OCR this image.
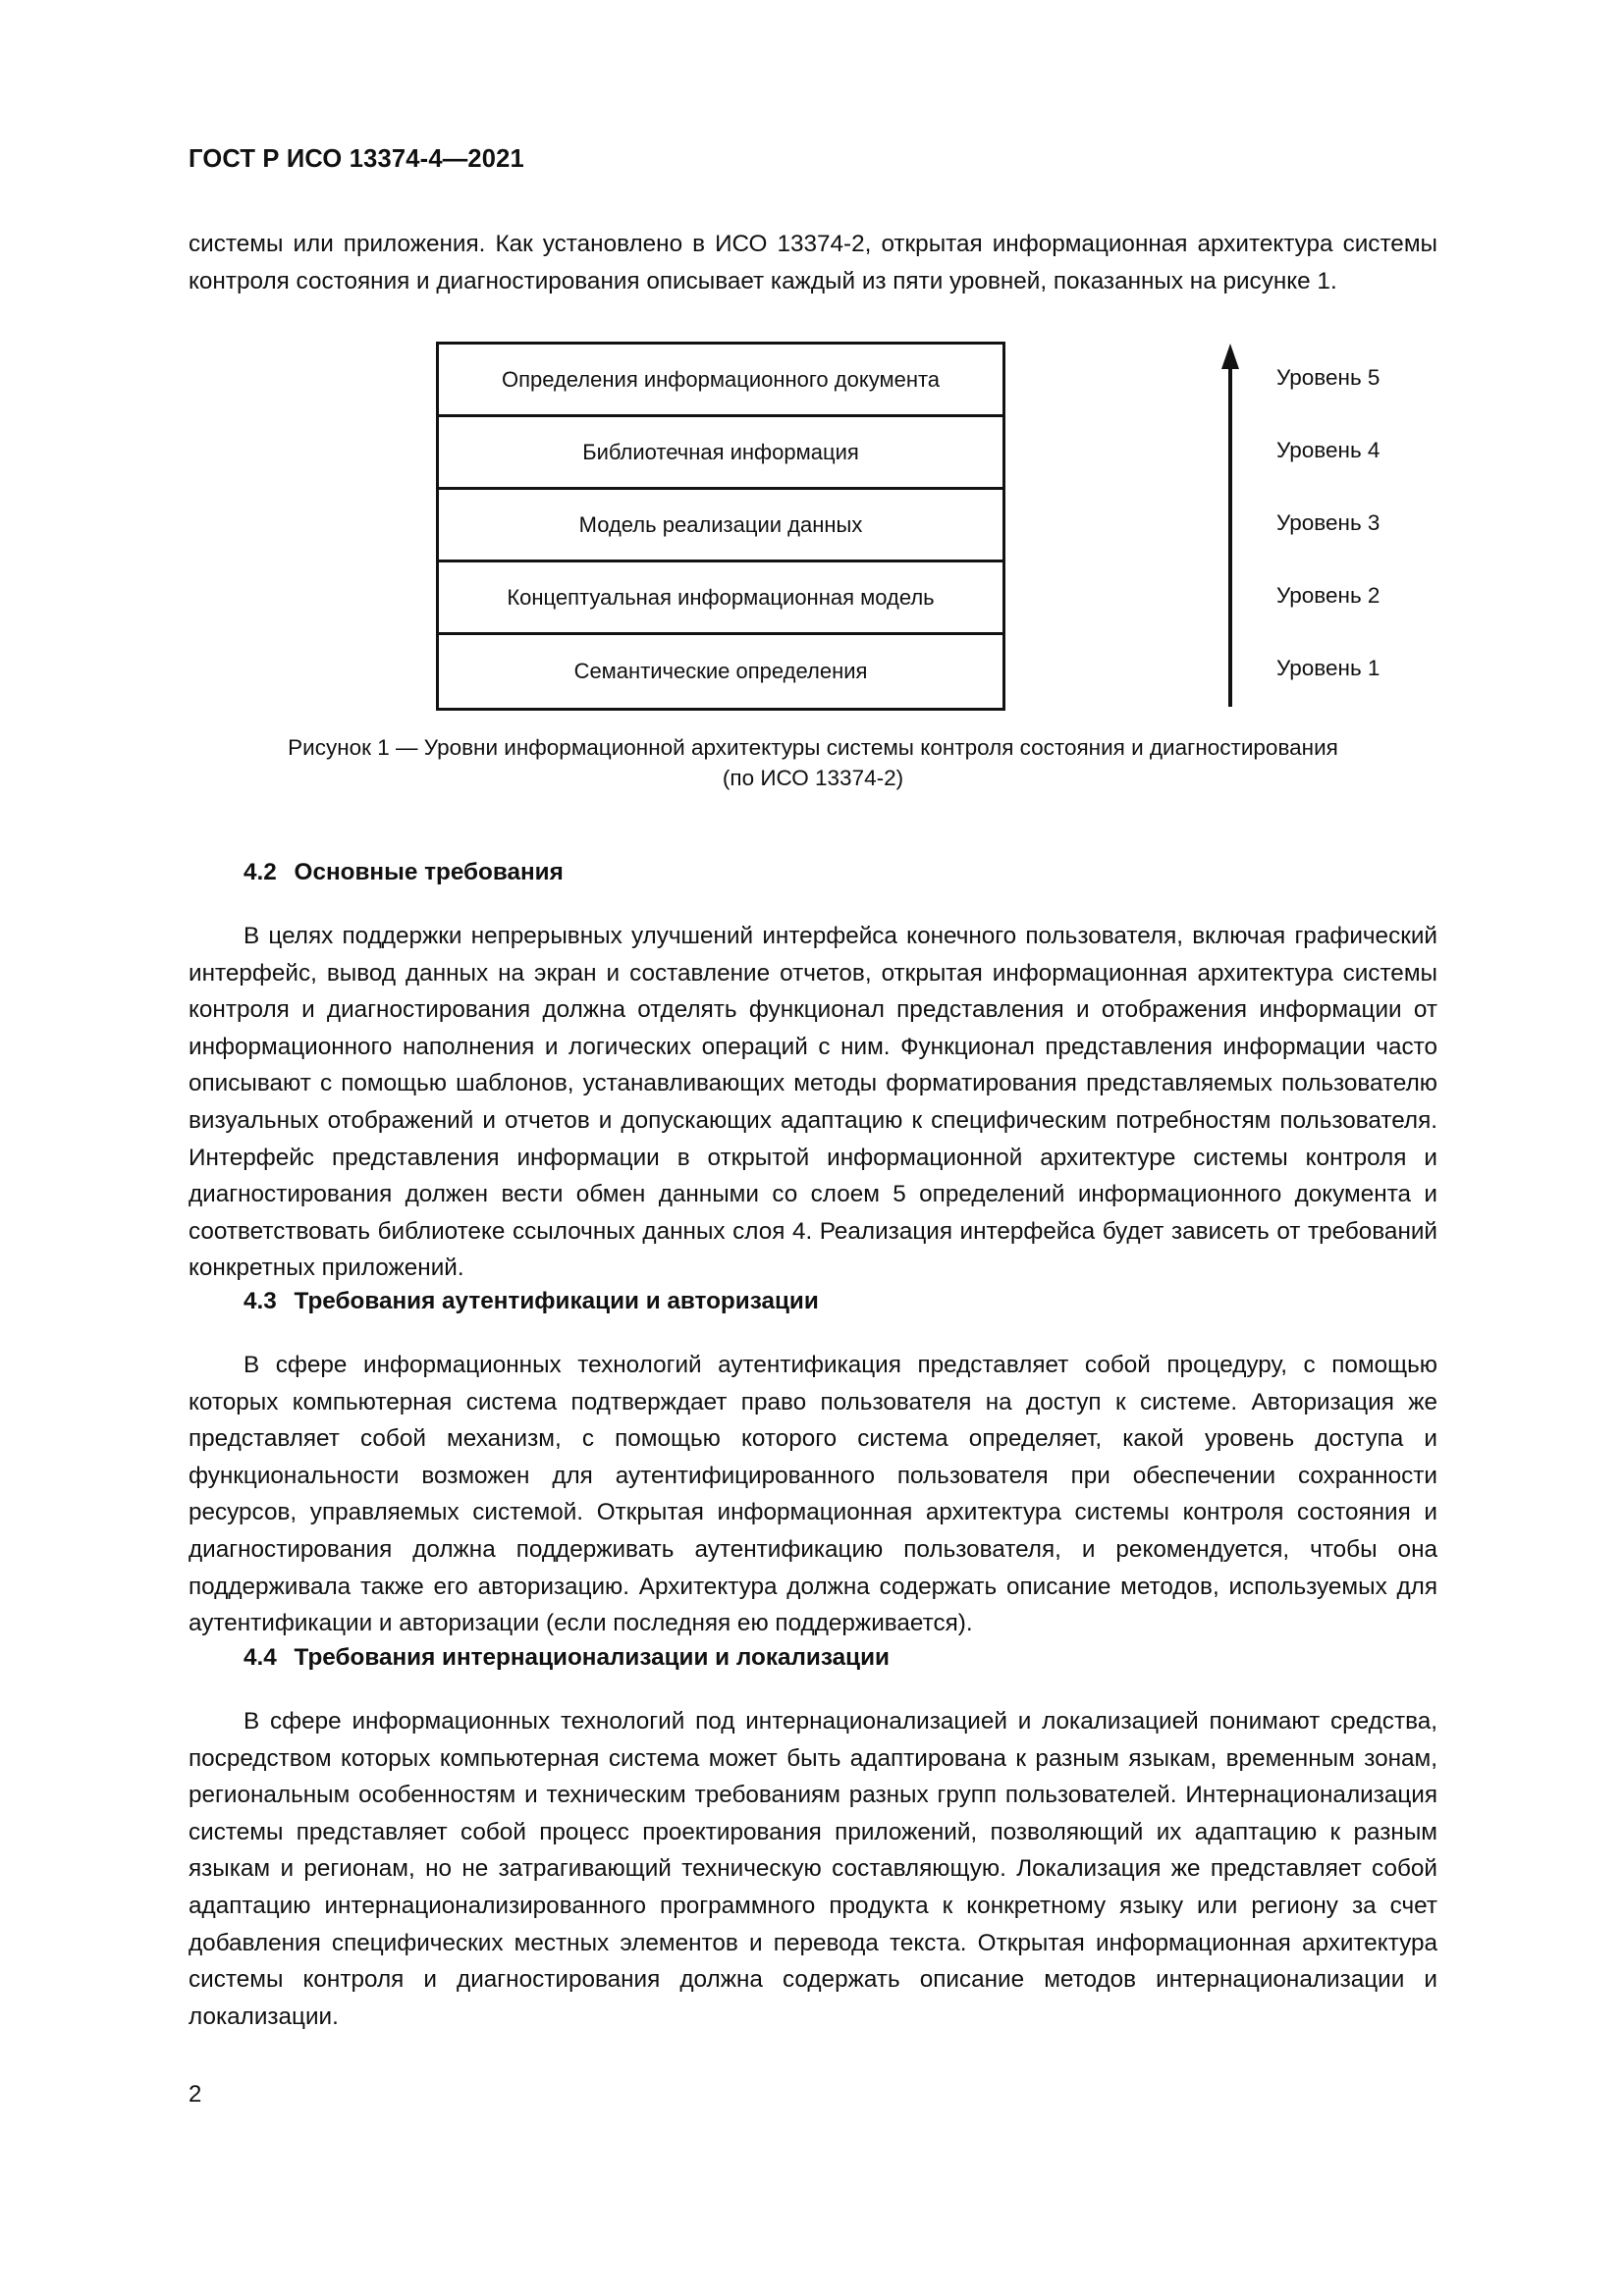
ГОСТ Р ИСО 13374-4—2021

системы или приложения. Как установлено в ИСО 13374-2, открытая информационная архитектура системы контроля состояния и диагностирования описывает каждый из пяти уровней, показанных на рисунке 1.

Определения информационного документа
Библиотечная информация
Модель реализации данных
Концептуальная информационная модель
Семантические определения
Уровень 5
Уровень 4
Уровень 3
Уровень 2
Уровень 1
Рисунок 1 — Уровни информационной архитектуры системы контроля состояния и диагностирования
(по ИСО 13374-2)
4.2 Основные требования

В целях поддержки непрерывных улучшений интерфейса конечного пользователя, включая графический интерфейс, вывод данных на экран и составление отчетов, открытая информационная архитектура системы контроля и диагностирования должна отделять функционал представления и отображения информации от информационного наполнения и логических операций с ним. Функционал представления информации часто описывают с помощью шаблонов, устанавливающих методы форматирования представляемых пользователю визуальных отображений и отчетов и допускающих адаптацию к специфическим потребностям пользователя. Интерфейс представления информации в открытой информационной архитектуре системы контроля и диагностирования должен вести обмен данными со слоем 5 определений информационного документа и соответствовать библиотеке ссылочных данных слоя 4. Реализация интерфейса будет зависеть от требований конкретных приложений.

4.3 Требования аутентификации и авторизации

В сфере информационных технологий аутентификация представляет собой процедуру, с помощью которых компьютерная система подтверждает право пользователя на доступ к системе. Авторизация же представляет собой механизм, с помощью которого система определяет, какой уровень доступа и функциональности возможен для аутентифицированного пользователя при обеспечении сохранности ресурсов, управляемых системой. Открытая информационная архитектура системы контроля состояния и диагностирования должна поддерживать аутентификацию пользователя, и рекомендуется, чтобы она поддерживала также его авторизацию. Архитектура должна содержать описание методов, используемых для аутентификации и авторизации (если последняя ею поддерживается).

4.4 Требования интернационализации и локализации

В сфере информационных технологий под интернационализацией и локализацией понимают средства, посредством которых компьютерная система может быть адаптирована к разным языкам, временным зонам, региональным особенностям и техническим требованиям разных групп пользователей. Интернационализация системы представляет собой процесс проектирования приложений, позволяющий их адаптацию к разным языкам и регионам, но не затрагивающий техническую составляющую. Локализация же представляет собой адаптацию интернационализированного программного продукта к конкретному языку или региону за счет добавления специфических местных элементов и перевода текста. Открытая информационная архитектура системы контроля и диагностирования должна содержать описание методов интернационализации и локализации.

2
